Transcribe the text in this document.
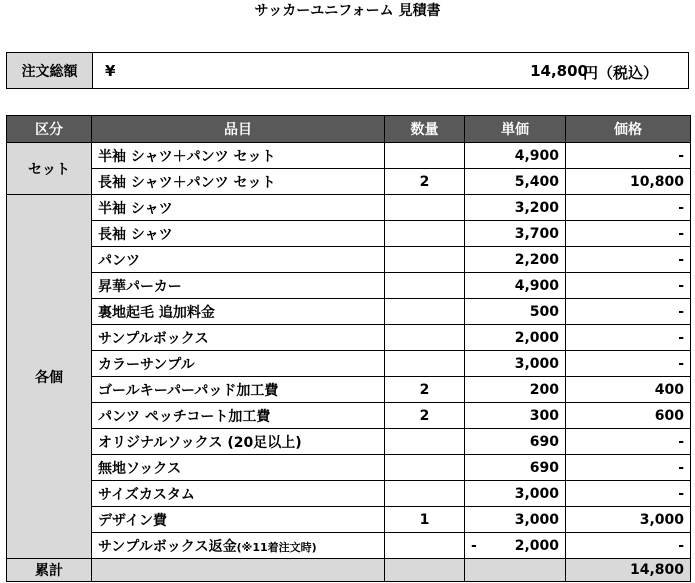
サッカーユニフォーム 見積書
注文総額	¥	14,800
円（税込）
区分	品目	数量	単価	価格
セット	半袖 シャツ＋パンツ セット		4,900	-
	長袖 シャツ＋パンツ セット	2	5,400	10,800
各個	半袖 シャツ		3,200	-
	長袖 シャツ		3,700	-
	パンツ		2,200	-
	昇華パーカー		4,900	-
	裏地起毛 追加料金		500	-
	サンプルボックス		2,000	-
	カラーサンプル		3,000	-
	ゴールキーパーパッド加工費	2	200	400
	パンツ ペッチコート加工費	2	300	600
	オリジナルソックス (20足以上)		690	-
	無地ソックス		690	-
	サイズカスタム		3,000	-
	デザイン費	1	3,000	3,000
	サンプルボックス返金(※11着注文時)		- 2,000	-
累計				14,800
